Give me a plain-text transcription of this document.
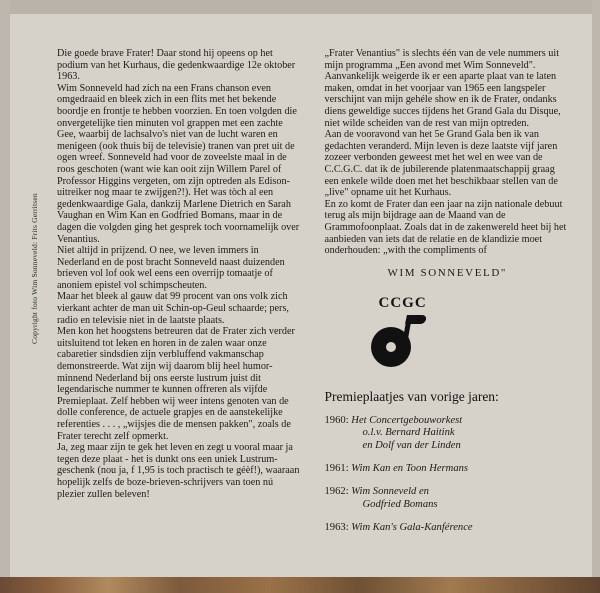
Copyright foto Wim Sonneveld: Frits Gerritsen
Die goede brave Frater! Daar stond hij opeens op het podium van het Kurhaus, die gedenkwaardige 12e oktober 1963.
Wim Sonneveld had zich na een Frans chanson even omgedraaid en bleek zich in een flits met het bekende boordje en frontje te hebben voorzien. En toen volgden die onvergetelijke tien minuten vol grappen met een zachte Gee, waarbij de lachsalvo's niet van de lucht waren en menigeen (ook thuis bij de televisie) tranen van pret uit de ogen wreef. Sonneveld had voor de zoveelste maal in de roos geschoten (want wie kan ooit zijn Willem Parel of Professor Higgins vergeten, om zijn optreden als Edison-uitreiker nog maar te zwijgen?!). Het was tòch al een gedenkwaardige Gala, dankzij Marlene Dietrich en Sarah Vaughan en Wim Kan en Godfried Bomans, maar in de dagen die volgden ging het gesprek toch voornamelijk over Venantius.
Niet altijd in prijzend. O nee, we leven immers in Nederland en de post bracht Sonneveld naast duizenden brieven vol lof ook wel eens een overrijp tomaatje of anoniem epistel vol schimpscheuten.
Maar het bleek al gauw dat 99 procent van ons volk zich vierkant achter de man uit Schin-op-Geul schaarde; pers, radio en televisie niet in de laatste plaats.
Men kon het hoogstens betreuren dat de Frater zich verder uitsluitend tot leken en horen in de zalen waar onze cabaretier sindsdien zijn verbluffend vakmanschap demonstreerde. Wat zijn wij daarom blij heel humor-minnend Nederland bij ons eerste lustrum juist dit legendarische nummer te kunnen offreren als vijfde Premieplaat. Zelf hebben wij weer intens genoten van de dolle conference, de actuele grapjes en de aanstekelijke referenties . . . , „wijsjes die de mensen pakken", zoals de Frater terecht zelf opmerkt.
Ja, zeg maar zijn te gek het leven en zegt u vooral maar ja tegen deze plaat - het is dunkt ons een uniek Lustrum-geschenk (nou ja, f 1,95 is toch practisch te géèf!), waaraan hopelijk zelfs de boze-brieven-schrijvers van toen nú plezier zullen beleven!
„Frater Venantius" is slechts één van de vele nummers uit mijn programma „Een avond met Wim Sonneveld". Aanvankelijk weigerde ik er een aparte plaat van te laten maken, omdat in het voorjaar van 1965 een langspeler verschijnt van mijn gehéle show en ik de Frater, ondanks diens geweldige succes tijdens het Grand Gala du Disque, niet wilde scheiden van de rest van mijn optreden.
Aan de vooravond van het 5e Grand Gala ben ik van gedachten veranderd. Mijn leven is deze laatste vijf jaren zozeer verbonden geweest met het wel en wee van de C.C.G.C. dat ik de jubilerende platenmaatschappij graag een enkele wilde doen met het beschikbaar stellen van de „live" opname uit het Kurhaus.
En zo komt de Frater dan een jaar na zijn nationale debuut terug als mijn bijdrage aan de Maand van de Grammofoonplaat. Zoals dat in de zakenwereld heet bij het aanbieden van iets dat de relatie en de klandizie moet onderhouden: „with the compliments of
WIM SONNEVELD"
CCGC
Premieplaatjes van vorige jaren:
1960: Het Concertgebouworkest
o.l.v. Bernard Haitink
en Dolf van der Linden
1961: Wim Kan en Toon Hermans
1962: Wim Sonneveld en
Godfried Bomans
1963: Wim Kan's Gala-Kanférence
